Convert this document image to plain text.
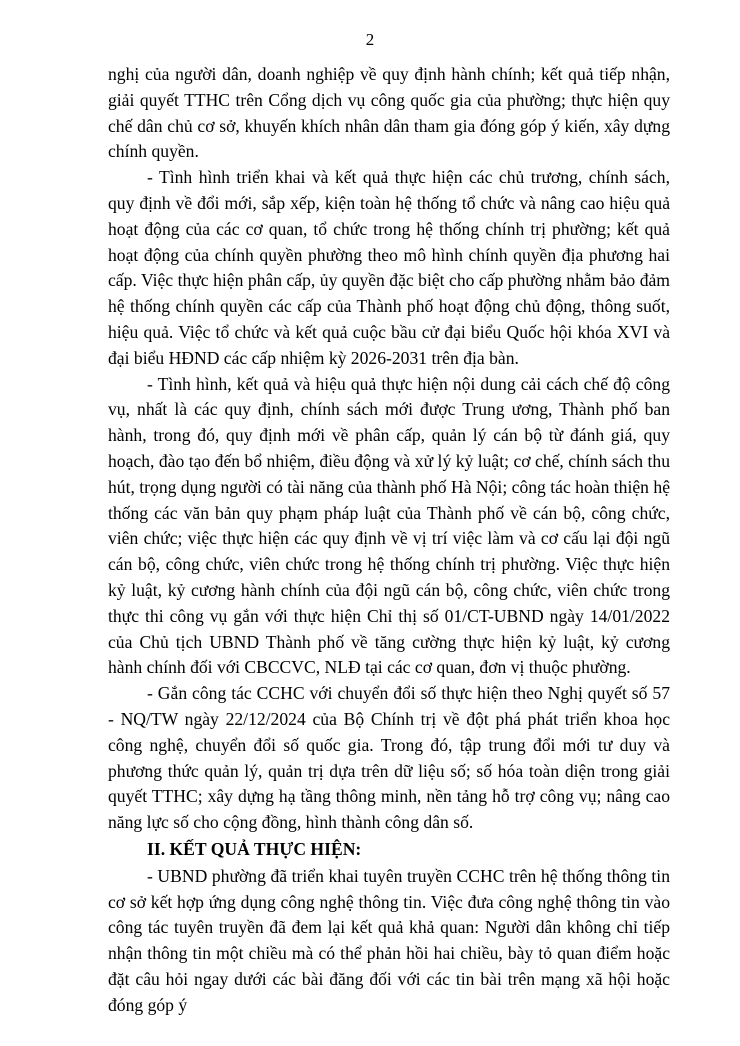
2

nghị của người dân, doanh nghiệp về quy định hành chính; kết quả tiếp nhận, giải quyết TTHC trên Cổng dịch vụ công quốc gia của phường; thực hiện quy chế dân chủ cơ sở, khuyến khích nhân dân tham gia đóng góp ý kiến, xây dựng chính quyền.

- Tình hình triển khai và kết quả thực hiện các chủ trương, chính sách, quy định về đổi mới, sắp xếp, kiện toàn hệ thống tổ chức và nâng cao hiệu quả hoạt động của các cơ quan, tổ chức trong hệ thống chính trị phường; kết quả hoạt động của chính quyền phường theo mô hình chính quyền địa phương hai cấp. Việc thực hiện phân cấp, ủy quyền đặc biệt cho cấp phường nhằm bảo đảm hệ thống chính quyền các cấp của Thành phố hoạt động chủ động, thông suốt, hiệu quả. Việc tổ chức và kết quả cuộc bầu cử đại biểu Quốc hội khóa XVI và đại biểu HĐND các cấp nhiệm kỳ 2026-2031 trên địa bàn.

- Tình hình, kết quả và hiệu quả thực hiện nội dung cải cách chế độ công vụ, nhất là các quy định, chính sách mới được Trung ương, Thành phố ban hành, trong đó, quy định mới về phân cấp, quản lý cán bộ từ đánh giá, quy hoạch, đào tạo đến bổ nhiệm, điều động và xử lý kỷ luật; cơ chế, chính sách thu hút, trọng dụng người có tài năng của thành phố Hà Nội; công tác hoàn thiện hệ thống các văn bản quy phạm pháp luật của Thành phố về cán bộ, công chức, viên chức; việc thực hiện các quy định về vị trí việc làm và cơ cấu lại đội ngũ cán bộ, công chức, viên chức trong hệ thống chính trị phường. Việc thực hiện kỷ luật, kỷ cương hành chính của đội ngũ cán bộ, công chức, viên chức trong thực thi công vụ gắn với thực hiện Chỉ thị số 01/CT-UBND ngày 14/01/2022 của Chủ tịch UBND Thành phố về tăng cường thực hiện kỷ luật, kỷ cương hành chính đối với CBCCVC, NLĐ tại các cơ quan, đơn vị thuộc phường.

- Gắn công tác CCHC với chuyển đổi số thực hiện theo Nghị quyết số 57 - NQ/TW ngày 22/12/2024 của Bộ Chính trị về đột phá phát triển khoa học công nghệ, chuyển đổi số quốc gia. Trong đó, tập trung đổi mới tư duy và phương thức quản lý, quản trị dựa trên dữ liệu số; số hóa toàn diện trong giải quyết TTHC; xây dựng hạ tầng thông minh, nền tảng hỗ trợ công vụ; nâng cao năng lực số cho cộng đồng, hình thành công dân số.

II. KẾT QUẢ THỰC HIỆN:

- UBND phường đã triển khai tuyên truyền CCHC trên hệ thống thông tin cơ sở kết hợp ứng dụng công nghệ thông tin. Việc đưa công nghệ thông tin vào công tác tuyên truyền đã đem lại kết quả khả quan: Người dân không chỉ tiếp nhận thông tin một chiều mà có thể phản hồi hai chiều, bày tỏ quan điểm hoặc đặt câu hỏi ngay dưới các bài đăng đối với các tin bài trên mạng xã hội hoặc đóng góp ý
